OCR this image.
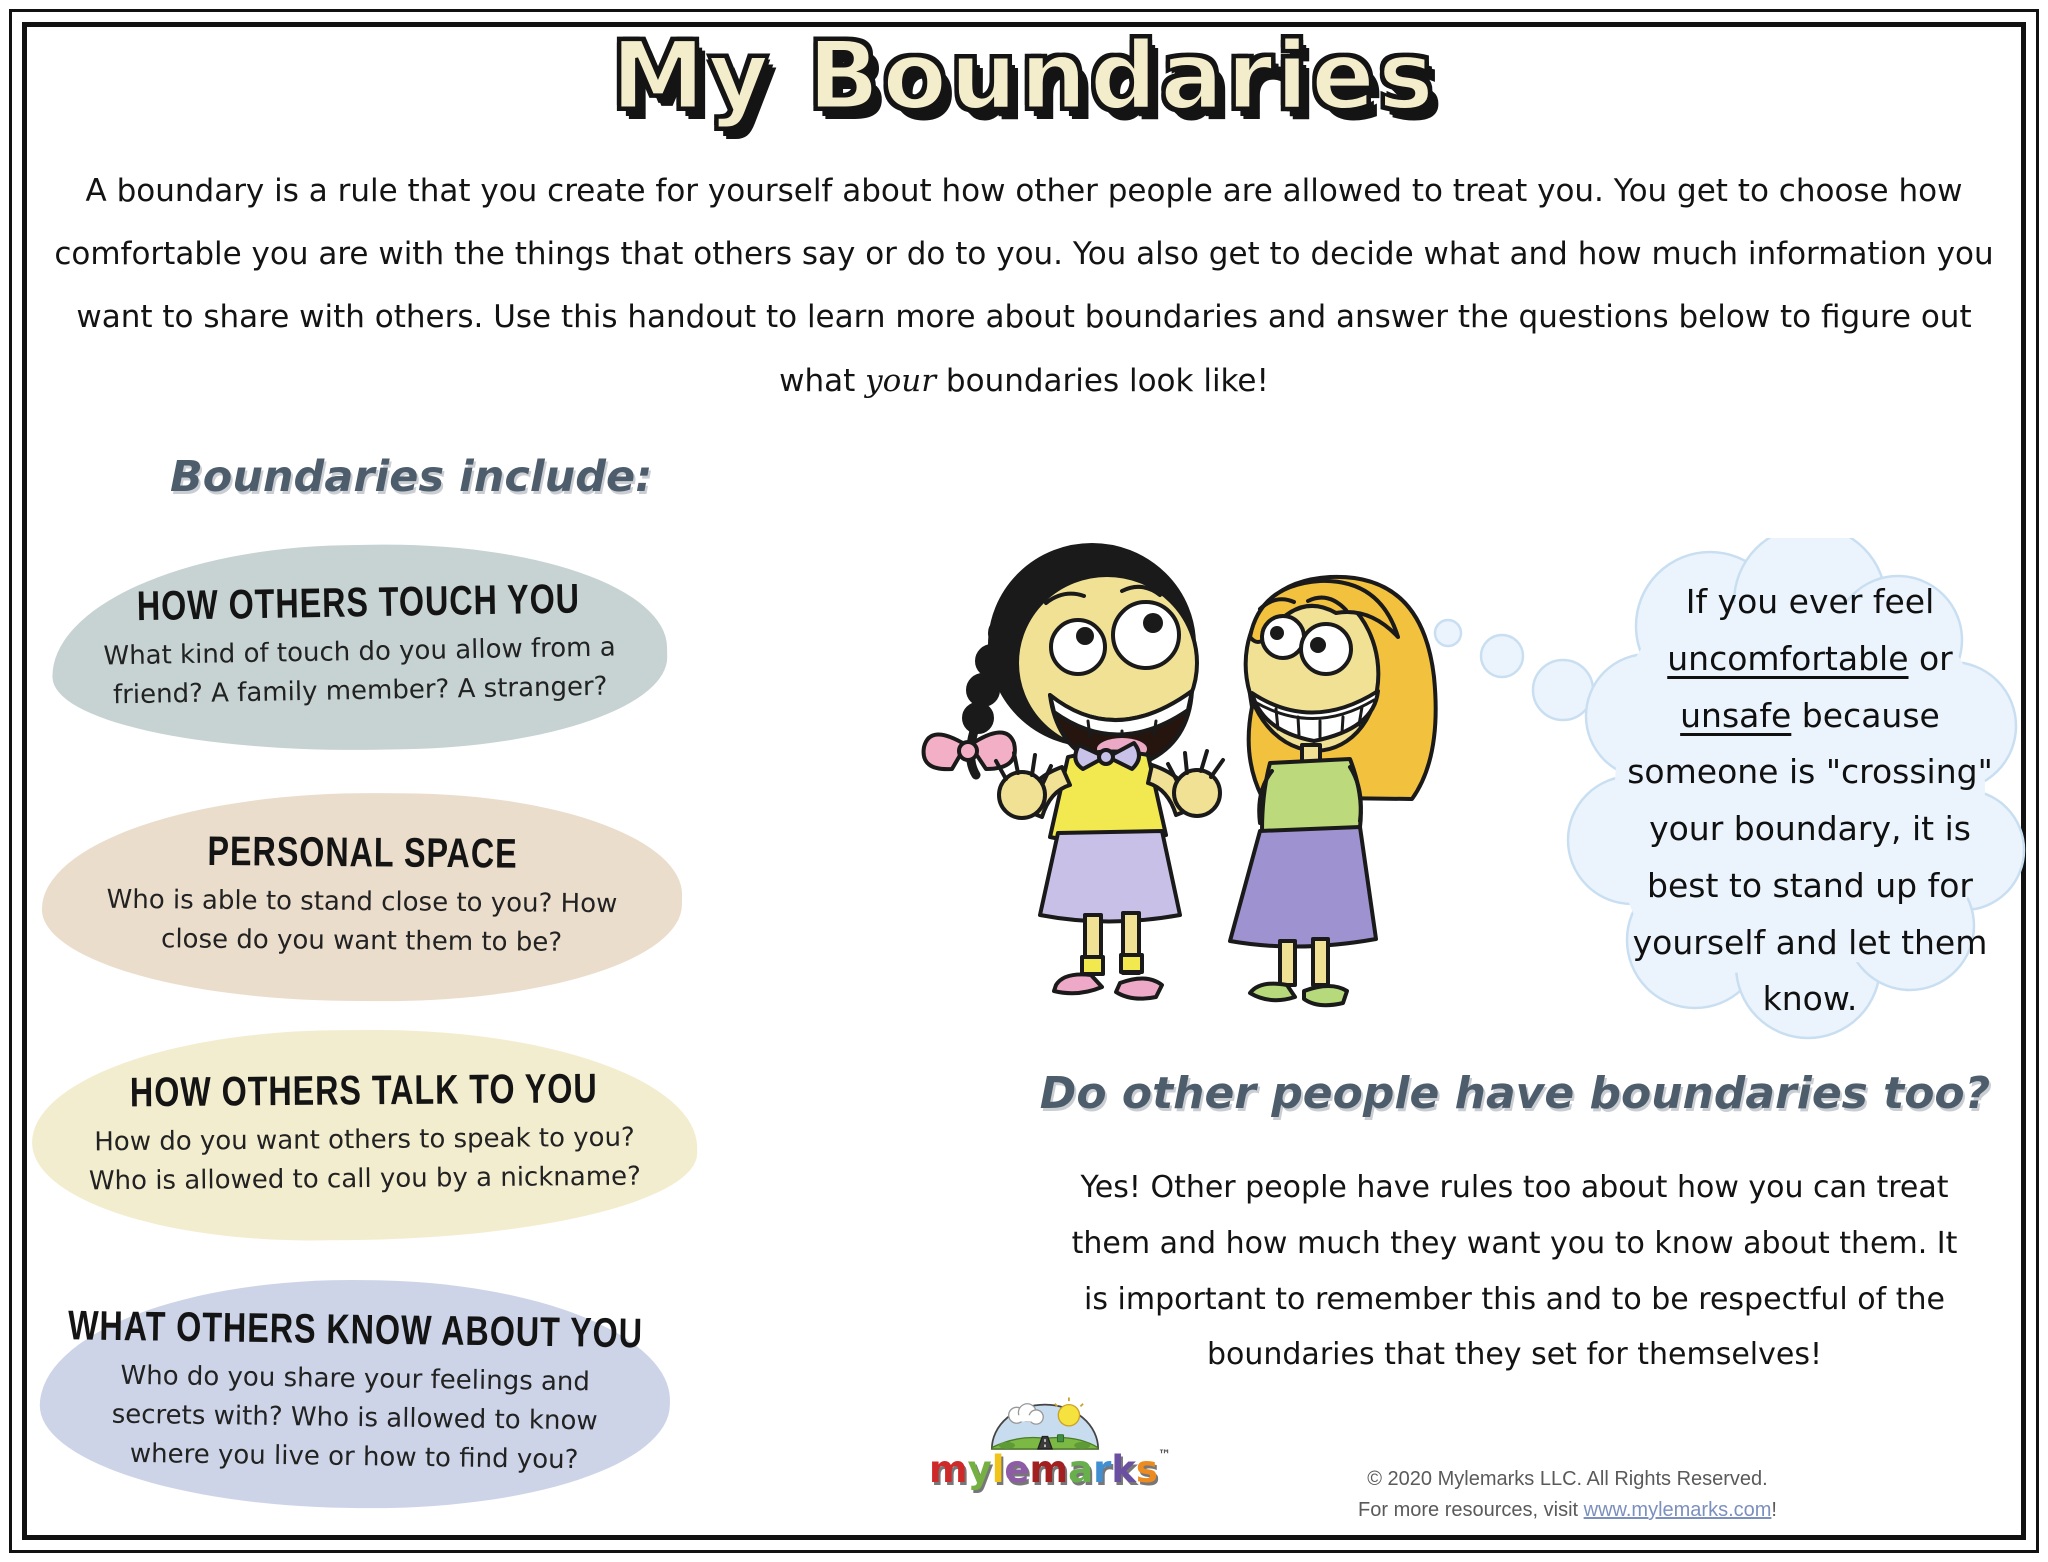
My Boundaries
A boundary is a rule that you create for yourself about how other people are allowed to treat you. You get to choose how comfortable you are with the things that others say or do to you. You also get to decide what and how much information you want to share with others. Use this handout to learn more about boundaries and answer the questions below to figure out what your boundaries look like!
Boundaries include:
HOW OTHERS TOUCH YOU
What kind of touch do you allow from a friend? A family member? A stranger?
PERSONAL SPACE
Who is able to stand close to you? How close do you want them to be?
HOW OTHERS TALK TO YOU
How do you want others to speak to you? Who is allowed to call you by a nickname?
WHAT OTHERS KNOW ABOUT YOU
Who do you share your feelings and secrets with? Who is allowed to know where you live or how to find you?
If you ever feel uncomfortable or unsafe because someone is "crossing" your boundary, it is best to stand up for yourself and let them know.
Do other people have boundaries too?
Yes! Other people have rules too about how you can treat them and how much they want you to know about them. It is important to remember this and to be respectful of the boundaries that they set for themselves!
mylemarks™
© 2020 Mylemarks LLC. All Rights Reserved.
For more resources, visit www.mylemarks.com!
